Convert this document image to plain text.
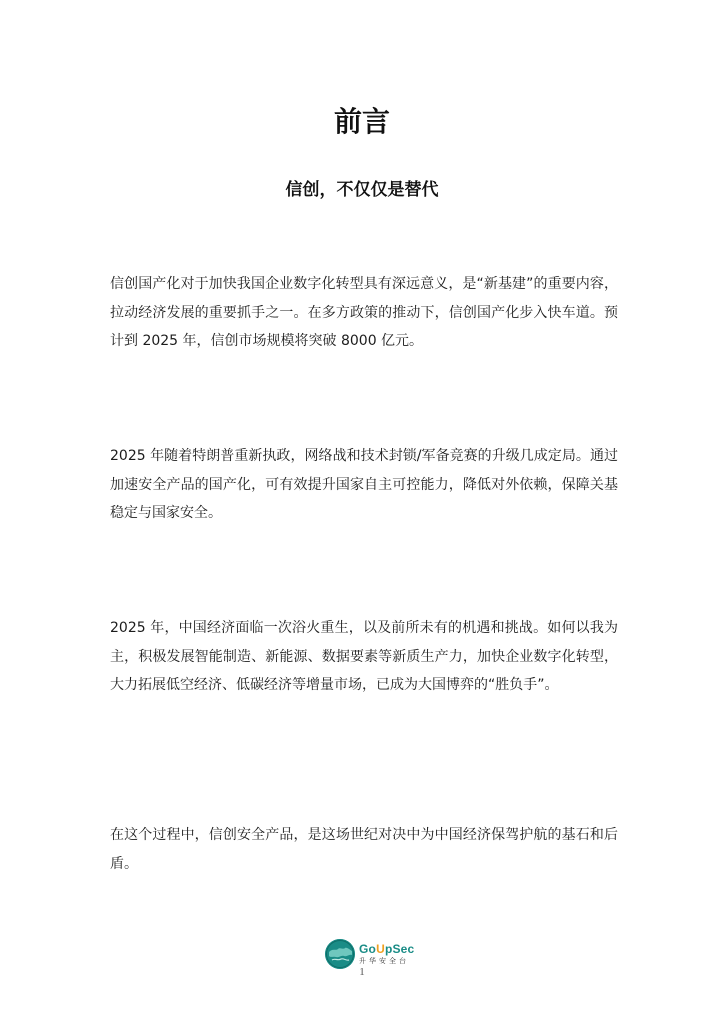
前言
信创，不仅仅是替代

信创国产化对于加快我国企业数字化转型具有深远意义，是“新基建”的重要内容，拉动经济发展的重要抓手之一。在多方政策的推动下，信创国产化步入快车道。预计到 2025 年，信创市场规模将突破 8000 亿元。

2025 年随着特朗普重新执政，网络战和技术封锁/军备竞赛的升级几成定局。通过加速安全产品的国产化，可有效提升国家自主可控能力，降低对外依赖，保障关基稳定与国家安全。

2025 年，中国经济面临一次浴火重生，以及前所未有的机遇和挑战。如何以我为主，积极发展智能制造、新能源、数据要素等新质生产力，加快企业数字化转型，大力拓展低空经济、低碳经济等增量市场，已成为大国博弈的“胜负手”。

在这个过程中，信创安全产品，是这场世纪对决中为中国经济保驾护航的基石和后盾。

GoUpSec
升华安全台
1
